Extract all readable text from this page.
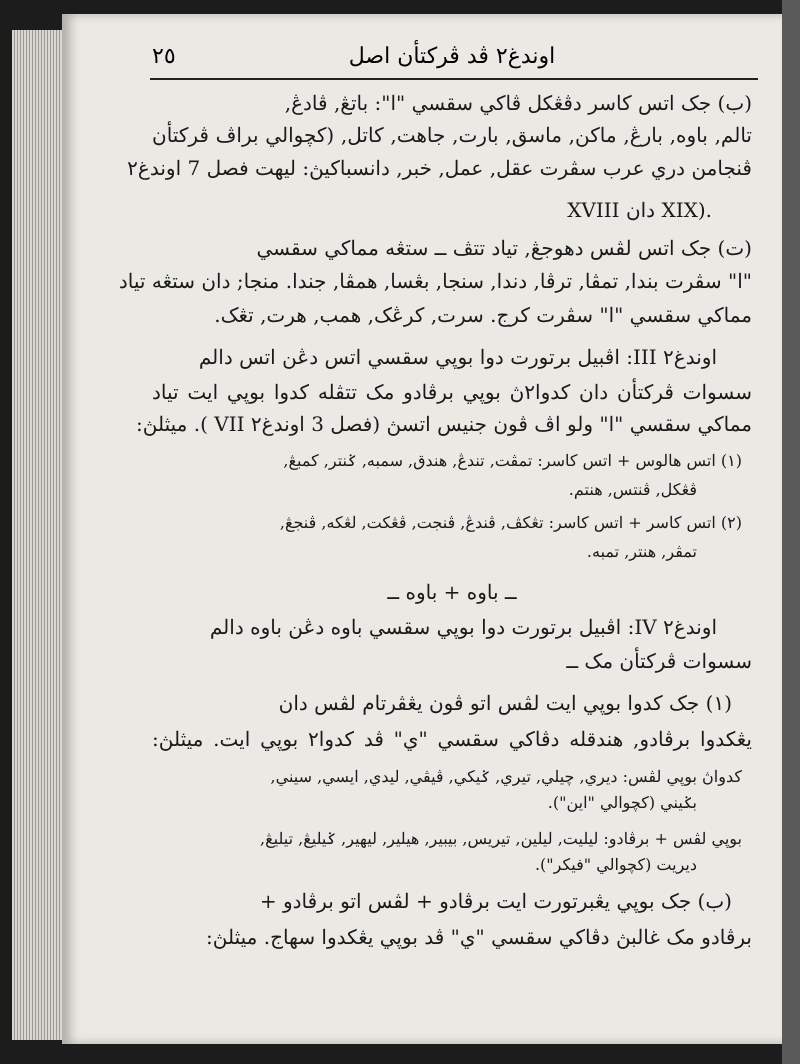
٢٥	اوندغ٢ ڤد ڤرکتأن اصل
(ب) جک اتس کاسر دڤڠکل ڤاکي سقسي "ا": باتڠ, ڤادڠ,
تالم, باوه, بارڠ, ماکن, ماسق, بارت, جاهت, کاتل, (کچوالي براڤ ڤرکتأن
ڤنجامن دري عرب سڤرت عقل, عمل, خبر, دانسباکيڽ: ليهت فصل 7 اوندغ٢
XVIII دان XIX).
(ت) جک اتس لڤس دهوجڠ, تياد تتڤ ــ ستڠه مماکي سقسي
"ا" سڤرت بندا, تمڤا, ترڤا, دندا, سنجا, بڠسا, همڤا, جندا. منجا; دان ستڠه تياد
مماکي سقسي "ا" سڤرت کرج. سرت, کرڠک, همب, هرت, تڠک.
اوندغ٢ III: اڤبيل برتورت دوا بوڽي سقسي اتس دڠن اتس دالم
سسوات ڤرکتأن دان کدوا٢ڽ بوڽي برڤادو مک تتڤله کدوا بوڽي ايت تياد
مماکي سقسي "ا" ولو اڤ ڤون جنيس اتسڽ (فصل 3 اوندغ٢ VII ). ميثلڽ:
(١) اتس هالوس + اتس کاسر: تمڤت, تندڠ, هندق, سمبه, ݢنتر, کمبڠ,
ڤڠکل, ڤنتس, هنتم.
(٢) اتس کاسر + اتس کاسر: تڠکڤ, ڤندڠ, ڤنجت, ڤڠکت, لڠکه, ڤنجڠ,
تمڤر, هنتر, تمبه.
ــ باوه + باوه ــ
اوندغ٢ IV: اڤبيل برتورت دوا بوڽي سقسي باوه دڠن باوه دالم
سسوات ڤرکتأن مک ــ
(١) جک کدوا بوڽي ايت لڤس اتو ڤون يڠڤرتام لڤس دان
يڠکدوا برڤادو, هندقله دڤاکي سقسي "ي" ڤد کدوا٢ بوڽي ايت. ميثلڽ:
کدواڽ بوڽي لڤس: ديري, چيلي, تيري, ݢيکي, ڤيڤي, ليدي, ايسي, سيني,
بݢيني (کچوالي "اين").
بوڽي لڤس + برڤادو: ليليت, ليلين, تيريس, بيبير, هيلير, ليهير, ݢيليڠ, تيليڠ,
ديريت (کچوالي "فيکر").
(ب) جک بوڽي يڠبرتورت ايت برڤادو + لڤس اتو برڤادو +
برڤادو مک غالبڽ دڤاکي سقسي "ي" ڤد بوڽي يڠکدوا سهاج. ميثلڽ:
